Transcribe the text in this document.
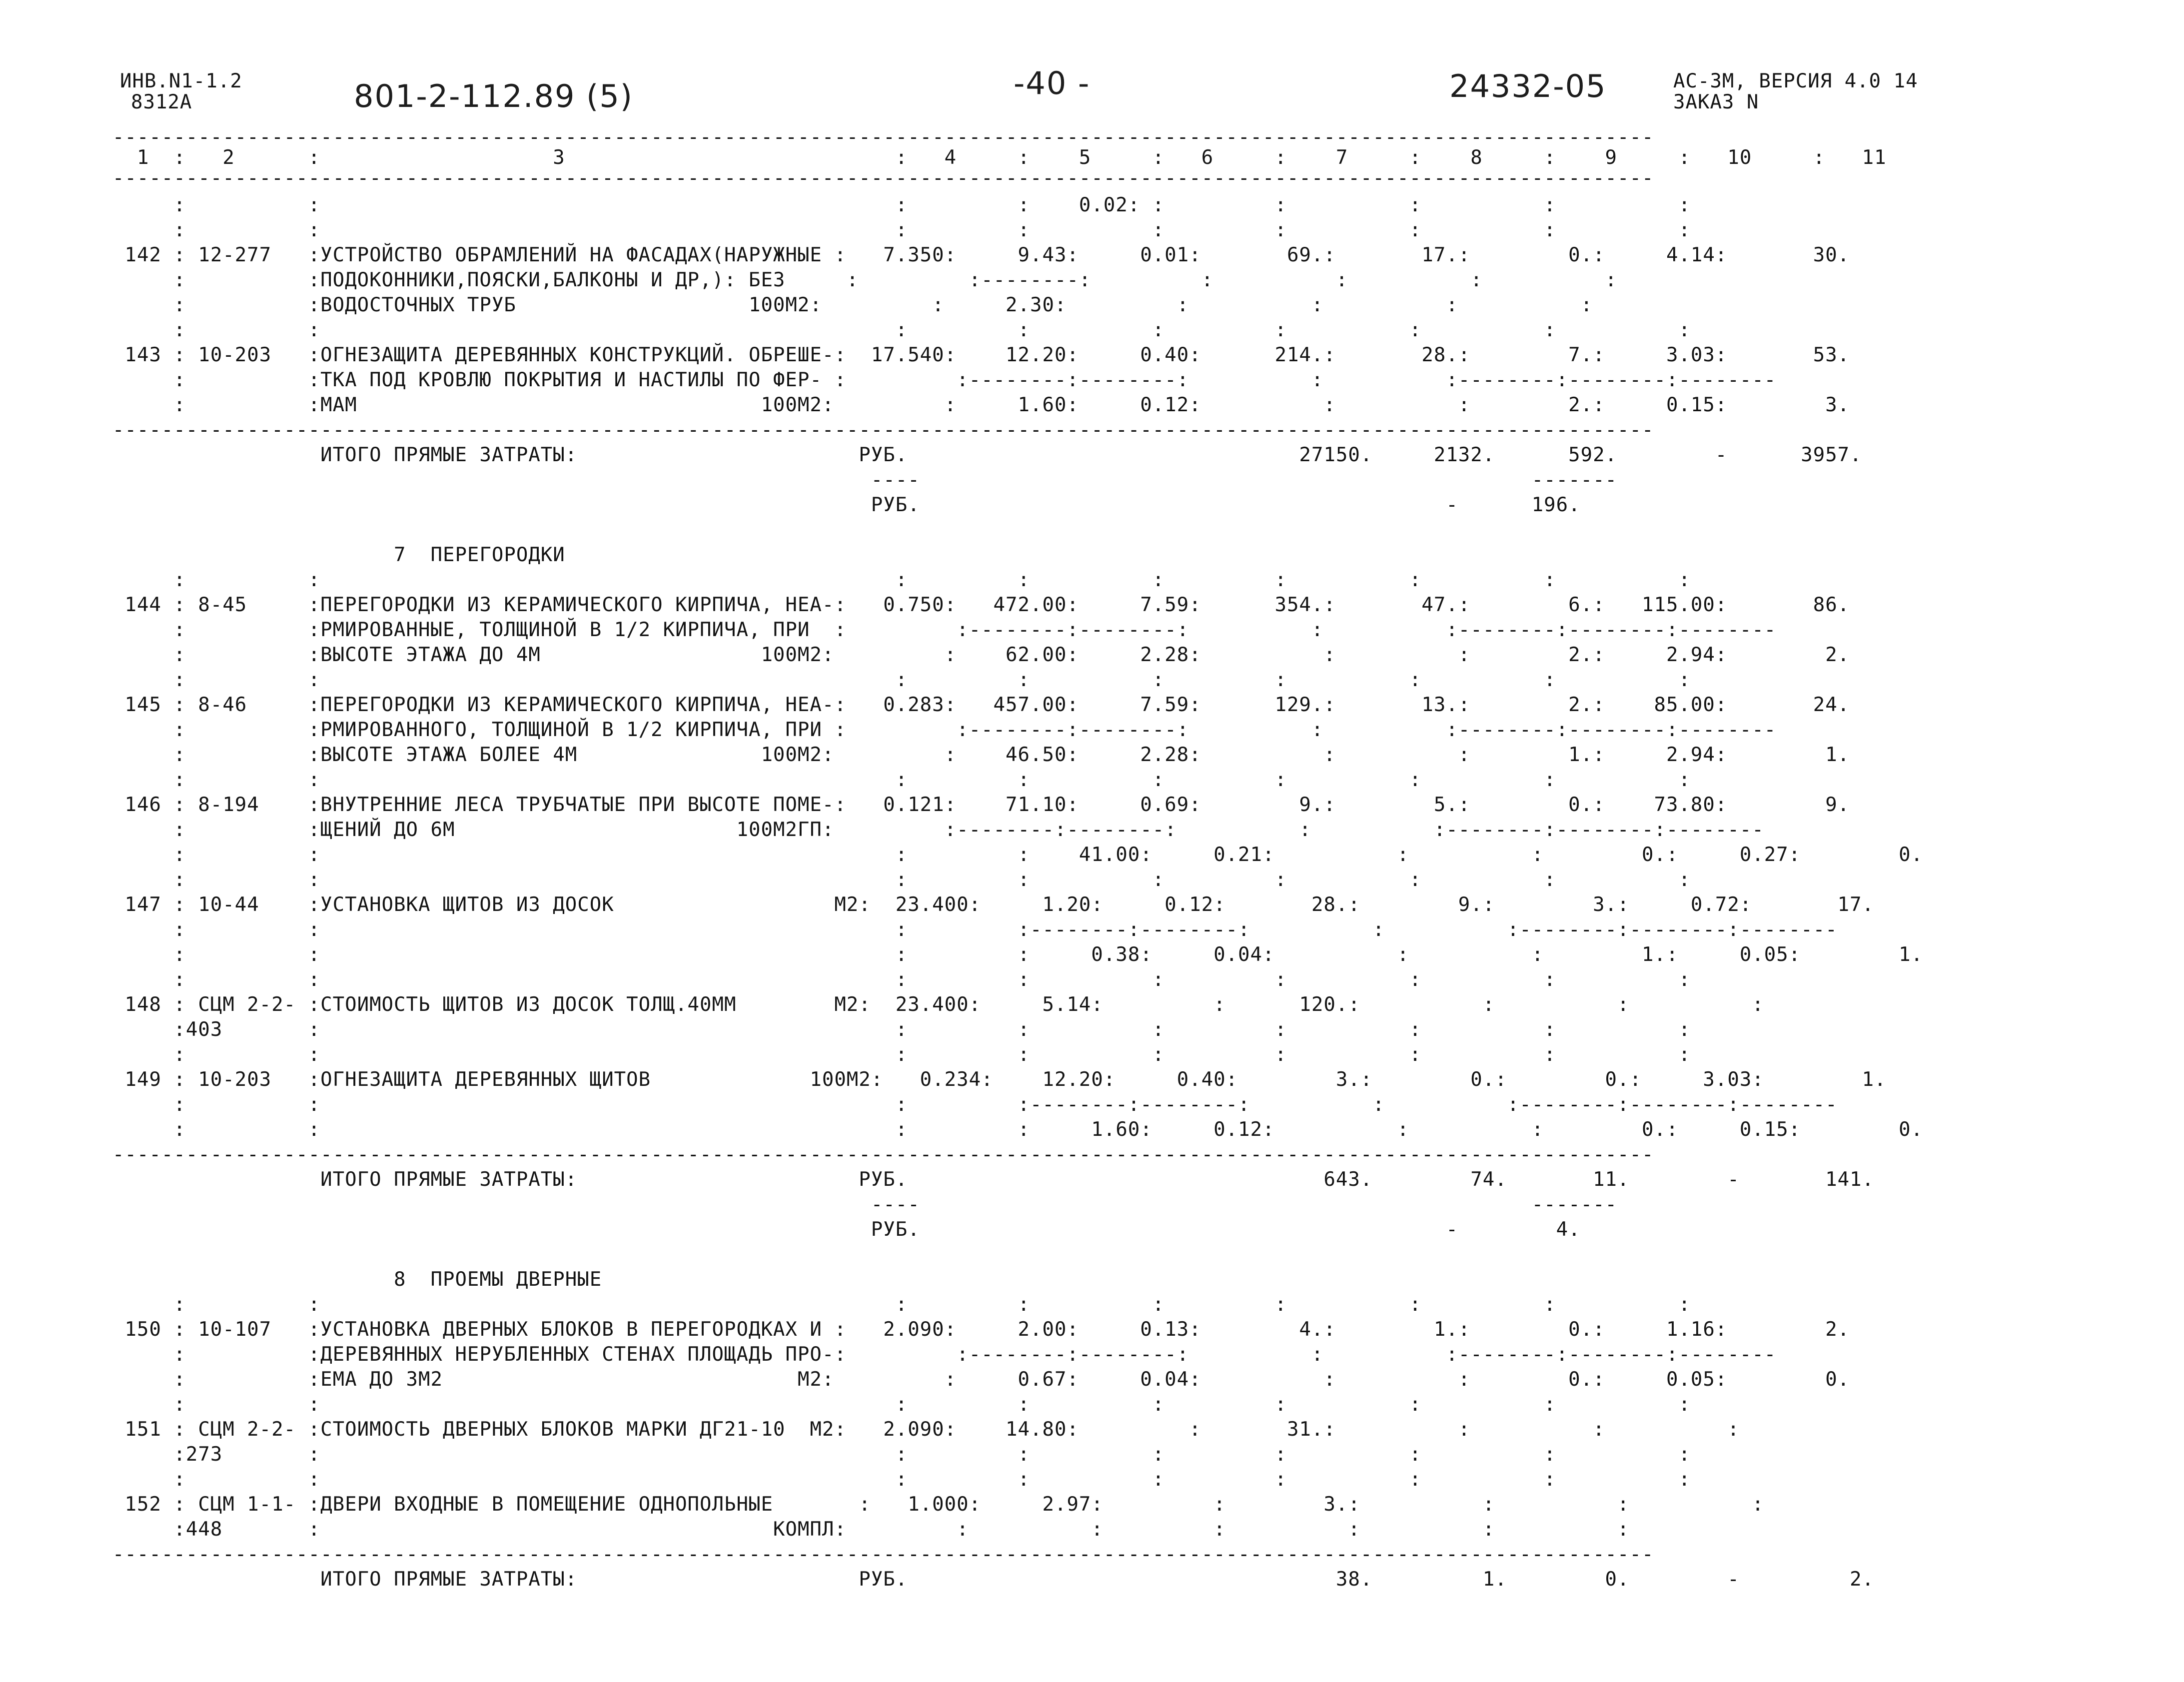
ИНВ.N1-1.2
8312А	801-2-112.89 (5)	-40 -	24332-05	АС-3М, ВЕРСИЯ 4.0 14
ЗАКАЗ N
------------------------------------------------------------------------------------------------------------------------------
1  :   2      :                   3                           :   4     :    5     :   6     :    7     :    8     :    9     :   10     :   11
------------------------------------------------------------------------------------------------------------------------------
:          :                                               :         :    0.02: :         :          :          :          :
:          :                                               :         :          :         :          :          :          :
142 : 12-277   :УСТРОЙСТВО ОБРАМЛЕНИЙ НА ФАСАДАХ(НАРУЖНЫЕ :   7.350:     9.43:     0.01:       69.:       17.:        0.:     4.14:       30.
:          :ПОДОКОННИКИ,ПОЯСКИ,БАЛКОНЫ И ДР,): БЕЗ     :         :--------:         :          :          :          :
:          :ВОДОСТОЧНЫХ ТРУБ                   100М2:         :     2.30:         :          :          :          :
:          :                                               :         :          :         :          :          :          :
143 : 10-203   :ОГНЕЗАЩИТА ДЕРЕВЯННЫХ КОНСТРУКЦИЙ. ОБРЕШЕ-:  17.540:    12.20:     0.40:      214.:       28.:        7.:     3.03:       53.
:          :ТКА ПОД КРОВЛЮ ПОКРЫТИЯ И НАСТИЛЫ ПО ФЕР- :         :--------:--------:          :          :--------:--------:--------
:          :МАМ                                 100М2:         :     1.60:     0.12:          :          :        2.:     0.15:        3.
------------------------------------------------------------------------------------------------------------------------------
ИТОГО ПРЯМЫЕ ЗАТРАТЫ:                       РУБ.                                27150.     2132.      592.        -      3957.
----                                                  -------
РУБ.                                           -      196.
7  ПЕРЕГОРОДКИ
:          :                                               :         :          :         :          :          :          :
144 : 8-45     :ПЕРЕГОРОДКИ ИЗ КЕРАМИЧЕСКОГО КИРПИЧА, НЕА-:   0.750:   472.00:     7.59:      354.:       47.:        6.:   115.00:       86.
:          :РМИРОВАННЫЕ, ТОЛЩИНОЙ В 1/2 КИРПИЧА, ПРИ  :         :--------:--------:          :          :--------:--------:--------
:          :ВЫСОТЕ ЭТАЖА ДО 4М                  100М2:         :    62.00:     2.28:          :          :        2.:     2.94:        2.
:          :                                               :         :          :         :          :          :          :
145 : 8-46     :ПЕРЕГОРОДКИ ИЗ КЕРАМИЧЕСКОГО КИРПИЧА, НЕА-:   0.283:   457.00:     7.59:      129.:       13.:        2.:    85.00:       24.
:          :РМИРОВАННОГО, ТОЛЩИНОЙ В 1/2 КИРПИЧА, ПРИ :         :--------:--------:          :          :--------:--------:--------
:          :ВЫСОТЕ ЭТАЖА БОЛЕЕ 4М               100М2:         :    46.50:     2.28:          :          :        1.:     2.94:        1.
:          :                                               :         :          :         :          :          :          :
146 : 8-194    :ВНУТРЕННИЕ ЛЕСА ТРУБЧАТЫЕ ПРИ ВЫСОТЕ ПОМЕ-:   0.121:    71.10:     0.69:        9.:        5.:        0.:    73.80:        9.
:          :ЩЕНИЙ ДО 6М                       100М2ГП:         :--------:--------:          :          :--------:--------:--------
:          :                                               :         :    41.00:     0.21:          :          :        0.:     0.27:        0.
:          :                                               :         :          :         :          :          :          :
147 : 10-44    :УСТАНОВКА ЩИТОВ ИЗ ДОСОК                  М2:  23.400:     1.20:     0.12:       28.:        9.:        3.:     0.72:       17.
:          :                                               :         :--------:--------:          :          :--------:--------:--------
:          :                                               :         :     0.38:     0.04:          :          :        1.:     0.05:        1.
:          :                                               :         :          :         :          :          :          :
148 : СЦМ 2-2- :СТОИМОСТЬ ЩИТОВ ИЗ ДОСОК ТОЛЩ.40ММ        М2:  23.400:     5.14:         :      120.:          :          :          :
:403       :                                               :         :          :         :          :          :          :
:          :                                               :         :          :         :          :          :          :
149 : 10-203   :ОГНЕЗАЩИТА ДЕРЕВЯННЫХ ЩИТОВ             100М2:   0.234:    12.20:     0.40:        3.:        0.:        0.:     3.03:        1.
:          :                                               :         :--------:--------:          :          :--------:--------:--------
:          :                                               :         :     1.60:     0.12:          :          :        0.:     0.15:        0.
------------------------------------------------------------------------------------------------------------------------------
ИТОГО ПРЯМЫЕ ЗАТРАТЫ:                       РУБ.                                  643.        74.       11.        -       141.
----                                                  -------
РУБ.                                           -        4.
8  ПРОЕМЫ ДВЕРНЫЕ
:          :                                               :         :          :         :          :          :          :
150 : 10-107   :УСТАНОВКА ДВЕРНЫХ БЛОКОВ В ПЕРЕГОРОДКАХ И :   2.090:     2.00:     0.13:        4.:        1.:        0.:     1.16:        2.
:          :ДЕРЕВЯННЫХ НЕРУБЛЕННЫХ СТЕНАХ ПЛОЩАДЬ ПРО-:         :--------:--------:          :          :--------:--------:--------
:          :ЕМА ДО 3М2                             М2:         :     0.67:     0.04:          :          :        0.:     0.05:        0.
:          :                                               :         :          :         :          :          :          :
151 : СЦМ 2-2- :СТОИМОСТЬ ДВЕРНЫХ БЛОКОВ МАРКИ ДГ21-10  М2:   2.090:    14.80:         :       31.:          :          :          :
:273       :                                               :         :          :         :          :          :          :
:          :                                               :         :          :         :          :          :          :
152 : СЦМ 1-1- :ДВЕРИ ВХОДНЫЕ В ПОМЕЩЕНИЕ ОДНОПОЛЬНЫЕ       :   1.000:     2.97:         :        3.:          :          :          :
:448       :                                     КОМПЛ:         :          :         :          :          :          :
------------------------------------------------------------------------------------------------------------------------------
ИТОГО ПРЯМЫЕ ЗАТРАТЫ:                       РУБ.                                   38.         1.        0.        -         2.
